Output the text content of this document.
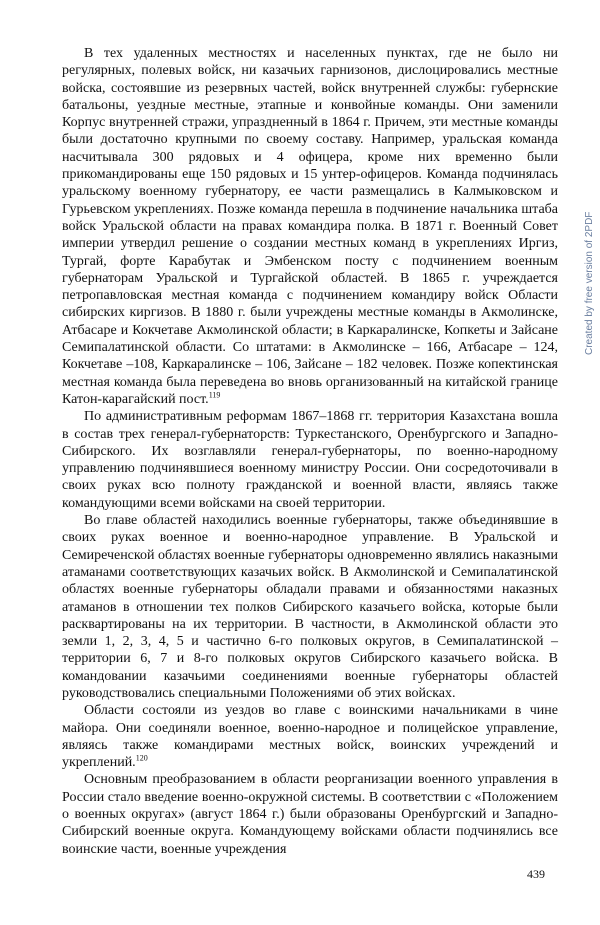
В тех удаленных местностях и населенных пунктах, где не было ни регулярных, полевых войск, ни казачьих гарнизонов, дислоцировались местные войска, состоявшие из резервных частей, войск внутренней службы: губернские батальоны, уездные местные, этапные и конвойные команды. Они заменили Корпус внутренней стражи, упраздненный в 1864 г. Причем, эти местные команды были достаточно крупными по своему составу. Например, уральская команда насчитывала 300 рядовых и 4 офицера, кроме них временно были прикомандированы еще 150 рядовых и 15 унтер-офицеров. Команда подчинялась уральскому военному губернатору, ее части размещались в Калмыковском и Гурьевском укреплениях. Позже команда перешла в подчинение начальника штаба войск Уральской области на правах командира полка. В 1871 г. Военный Совет империи утвердил решение о создании местных команд в укреплениях Иргиз, Тургай, форте Карабутак и Эмбенском посту с подчинением военным губернаторам Уральской и Тургайской областей. В 1865 г. учреждается петропавловская местная команда с подчинением командиру войск Области сибирских киргизов. В 1880 г. были учреждены местные команды в Акмолинске, Атбасаре и Кокчетаве Акмолинской области; в Каркаралинске, Копкеты и Зайсане Семипалатинской области. Со штатами: в Акмолинске – 166, Атбасаре – 124, Кокчетаве –108, Каркаралинске – 106, Зайсане – 182 человек. Позже копектинская местная команда была переведена во вновь организованный на китайской границе Катон-карагайский пост.$^{119}$

По административным реформам 1867–1868 гг. территория Казахстана вошла в состав трех генерал-губернаторств: Туркестанского, Оренбургского и Западно-Сибирского. Их возглавляли генерал-губернаторы, по военно-народному управлению подчинявшиеся военному министру России. Они сосредоточивали в своих руках всю полноту гражданской и военной власти, являясь также командующими всеми войсками на своей территории.

Во главе областей находились военные губернаторы, также объединявшие в своих руках военное и военно-народное управление. В Уральской и Семиреченской областях военные губернаторы одновременно являлись наказными атаманами соответствующих казачьих войск. В Акмолинской и Семипалатинской областях военные губернаторы обладали правами и обязанностями наказных атаманов в отношении тех полков Сибирского казачьего войска, которые были расквартированы на их территории. В частности, в Акмолинской области это земли 1, 2, 3, 4, 5 и частично 6-го полковых округов, в Семипалатинской – территории 6, 7 и 8-го полковых округов Сибирского казачьего войска. В командовании казачьими соединениями военные губернаторы областей руководствовались специальными Положениями об этих войсках.

Области состояли из уездов во главе с воинскими начальниками в чине майора. Они соединяли военное, военно-народное и полицейское управление, являясь также командирами местных войск, воинских учреждений и укреплений.$^{120}$

Основным преобразованием в области реорганизации военного управления в России стало введение военно-окружной системы. В соответствии с «Положением о военных округах» (август 1864 г.) были образованы Оренбургский и Западно-Сибирский военные округа. Командующему войсками области подчинялись все воинские части, военные учреждения

439
Created by free version of 2PDF
